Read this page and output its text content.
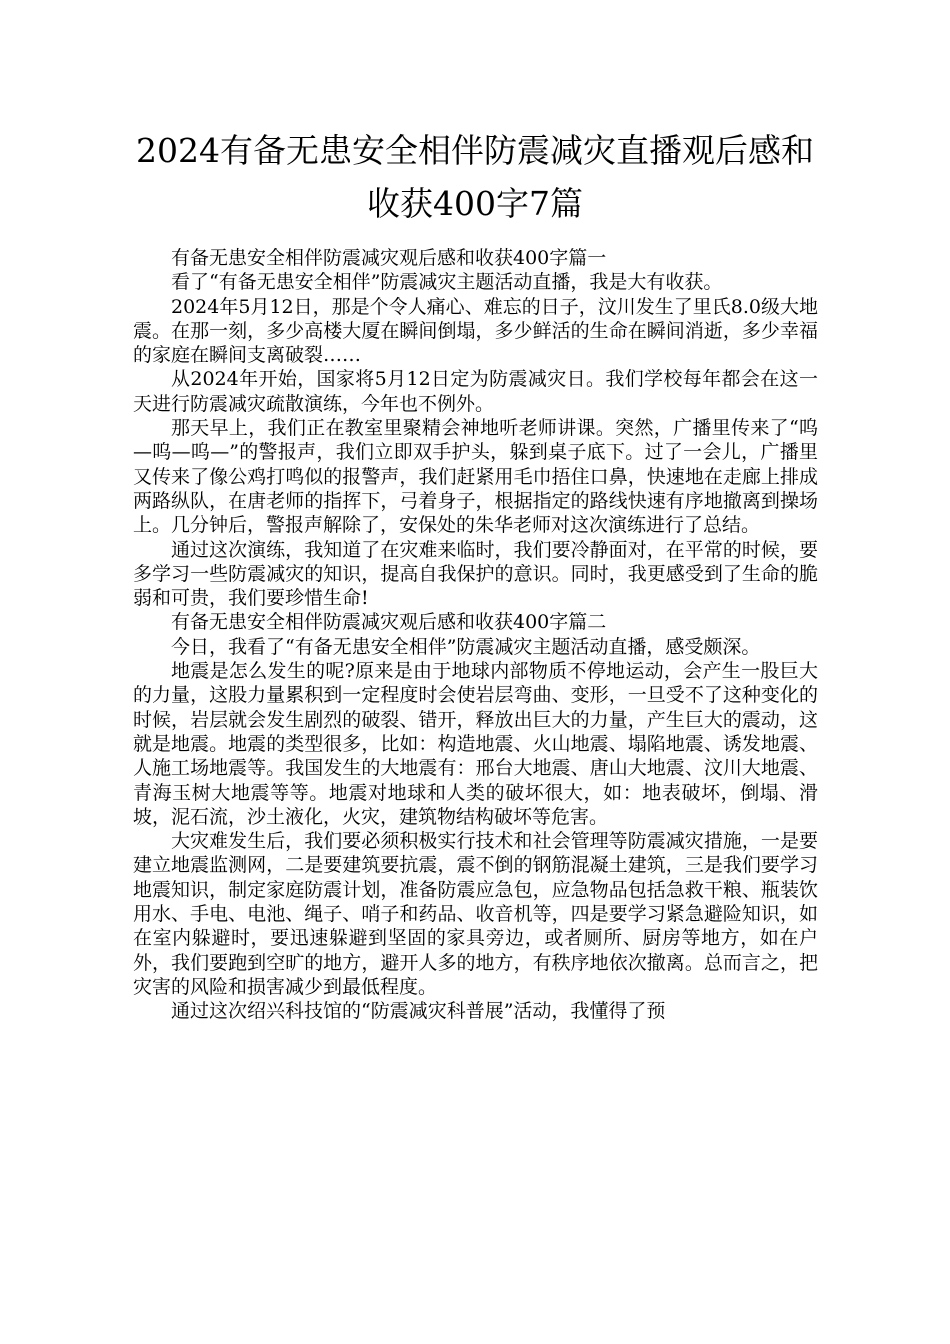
2024有备无患安全相伴防震减灾直播观后感和收获400字7篇

有备无患安全相伴防震减灾观后感和收获400字篇一

看了“有备无患安全相伴”防震减灾主题活动直播，我是大有收获。

2024年5月12日，那是个令人痛心、难忘的日子，汶川发生了里氏8.0级大地震。在那一刻，多少高楼大厦在瞬间倒塌，多少鲜活的生命在瞬间消逝，多少幸福的家庭在瞬间支离破裂……

从2024年开始，国家将5月12日定为防震减灾日。我们学校每年都会在这一天进行防震减灾疏散演练，今年也不例外。

那天早上，我们正在教室里聚精会神地听老师讲课。突然，广播里传来了“呜—呜—呜—”的警报声，我们立即双手护头，躲到桌子底下。过了一会儿，广播里又传来了像公鸡打鸣似的报警声，我们赶紧用毛巾捂住口鼻，快速地在走廊上排成两路纵队，在唐老师的指挥下，弓着身子，根据指定的路线快速有序地撤离到操场上。几分钟后，警报声解除了，安保处的朱华老师对这次演练进行了总结。

通过这次演练，我知道了在灾难来临时，我们要冷静面对，在平常的时候，要多学习一些防震减灾的知识，提高自我保护的意识。同时，我更感受到了生命的脆弱和可贵，我们要珍惜生命!

有备无患安全相伴防震减灾观后感和收获400字篇二

今日，我看了“有备无患安全相伴”防震减灾主题活动直播，感受颇深。

地震是怎么发生的呢?原来是由于地球内部物质不停地运动，会产生一股巨大的力量，这股力量累积到一定程度时会使岩层弯曲、变形，一旦受不了这种变化的时候，岩层就会发生剧烈的破裂、错开，释放出巨大的力量，产生巨大的震动，这就是地震。地震的类型很多，比如：构造地震、火山地震、塌陷地震、诱发地震、人施工场地震等。我国发生的大地震有：邢台大地震、唐山大地震、汶川大地震、青海玉树大地震等等。地震对地球和人类的破坏很大，如：地表破坏，倒塌、滑坡，泥石流，沙土液化，火灾，建筑物结构破坏等危害。

大灾难发生后，我们要必须积极实行技术和社会管理等防震减灾措施，一是要建立地震监测网，二是要建筑要抗震，震不倒的钢筋混凝土建筑，三是我们要学习地震知识，制定家庭防震计划，准备防震应急包，应急物品包括急救干粮、瓶装饮用水、手电、电池、绳子、哨子和药品、收音机等，四是要学习紧急避险知识，如在室内躲避时，要迅速躲避到坚固的家具旁边，或者厕所、厨房等地方，如在户外，我们要跑到空旷的地方，避开人多的地方，有秩序地依次撤离。总而言之，把灾害的风险和损害减少到最低程度。

通过这次绍兴科技馆的“防震减灾科普展”活动，我懂得了预
